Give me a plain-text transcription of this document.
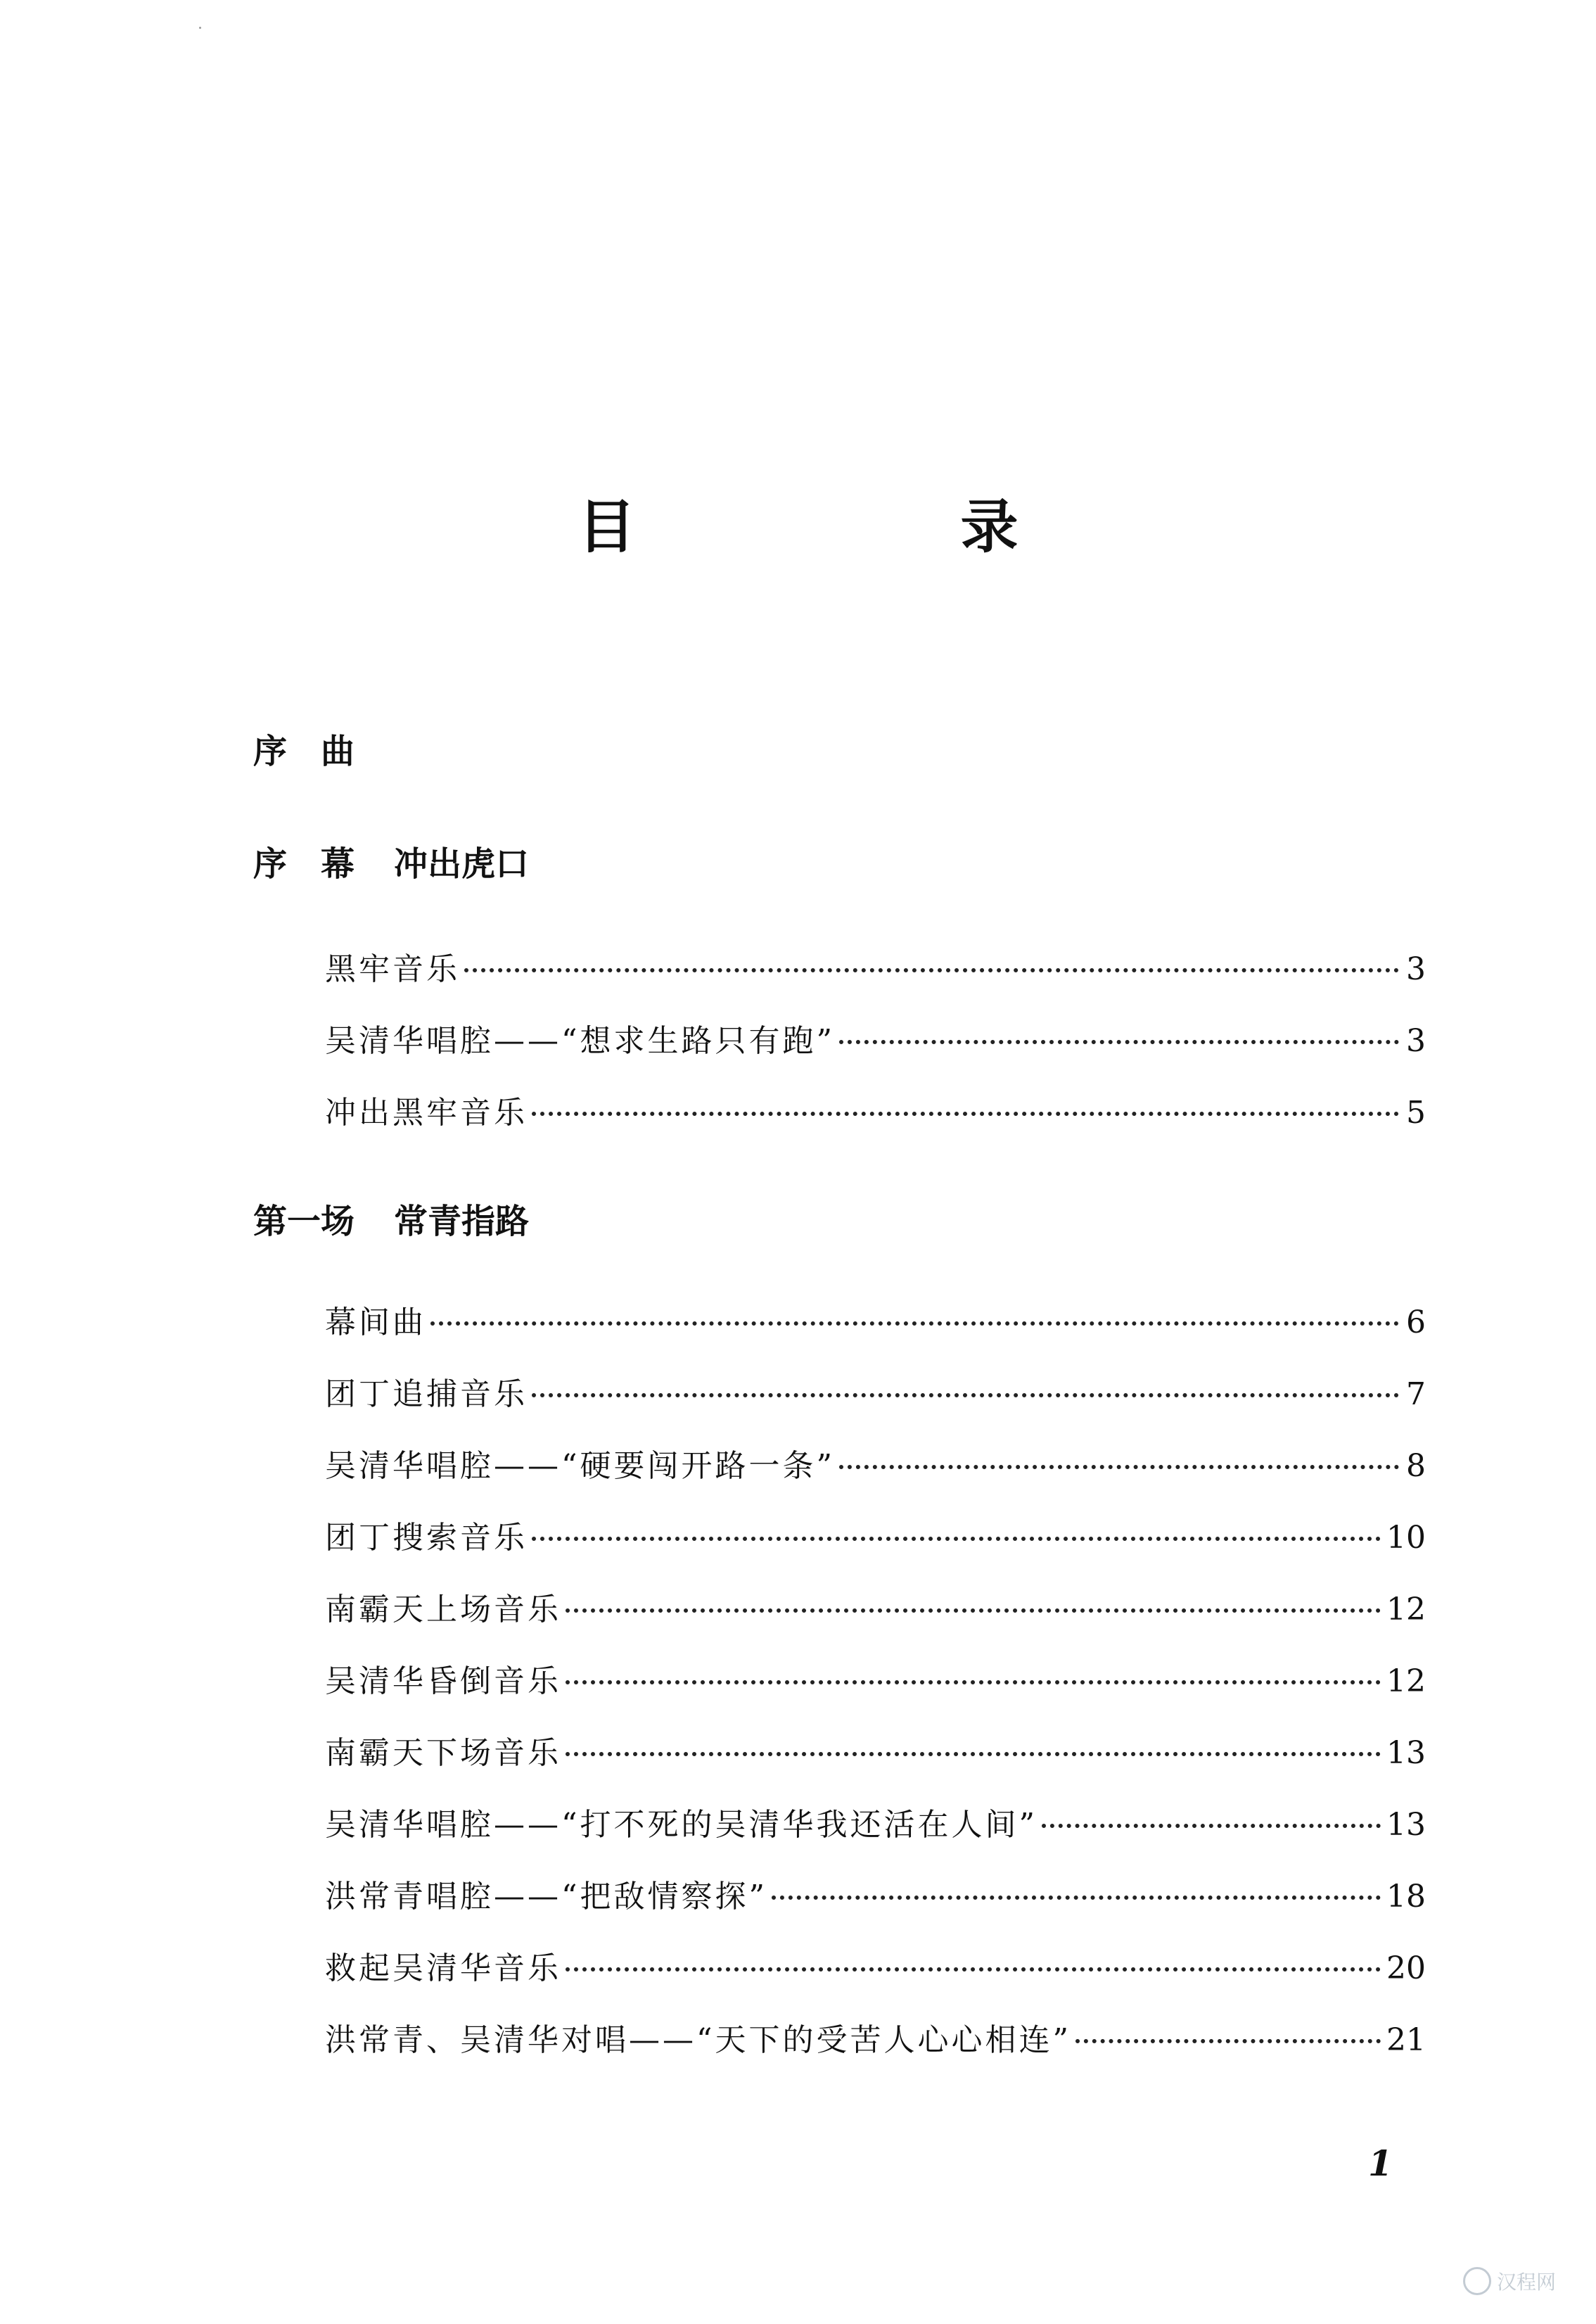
目　录
序　曲
序　幕 冲出虎口
黑牢音乐	3
吴清华唱腔——“想求生路只有跑”	3
冲出黑牢音乐	5
第一场 常青指路
幕间曲	6
团丁追捕音乐	7
吴清华唱腔——“硬要闯开路一条”	8
团丁搜索音乐	10
南霸天上场音乐	12
吴清华昏倒音乐	12
南霸天下场音乐	13
吴清华唱腔——“打不死的吴清华我还活在人间”	13
洪常青唱腔——“把敌情察探”	18
救起吴清华音乐	20
洪常青、吴清华对唱——“天下的受苦人心心相连”	21
1
汉程网
